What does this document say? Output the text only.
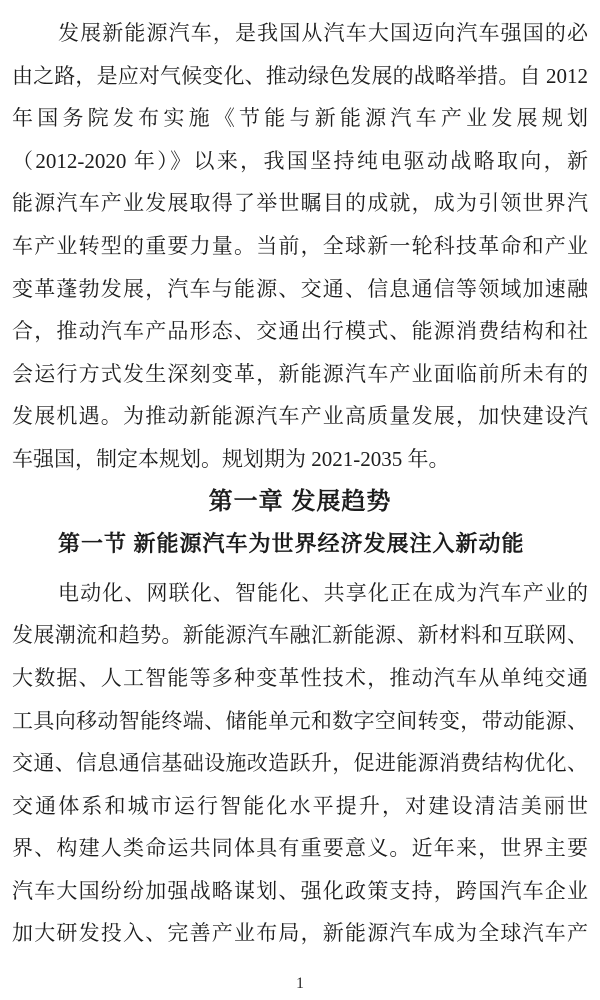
发展新能源汽车，是我国从汽车大国迈向汽车强国的必
由之路，是应对气候变化、推动绿色发展的战略举措。自 2012
年国务院发布实施《节能与新能源汽车产业发展规划
（2012-2020 年）》以来，我国坚持纯电驱动战略取向，新
能源汽车产业发展取得了举世瞩目的成就，成为引领世界汽
车产业转型的重要力量。当前，全球新一轮科技革命和产业
变革蓬勃发展，汽车与能源、交通、信息通信等领域加速融
合，推动汽车产品形态、交通出行模式、能源消费结构和社
会运行方式发生深刻变革，新能源汽车产业面临前所未有的
发展机遇。为推动新能源汽车产业高质量发展，加快建设汽
车强国，制定本规划。规划期为 2021-2035 年。
第一章 发展趋势
第一节 新能源汽车为世界经济发展注入新动能
电动化、网联化、智能化、共享化正在成为汽车产业的
发展潮流和趋势。新能源汽车融汇新能源、新材料和互联网、
大数据、人工智能等多种变革性技术，推动汽车从单纯交通
工具向移动智能终端、储能单元和数字空间转变，带动能源、
交通、信息通信基础设施改造跃升，促进能源消费结构优化、
交通体系和城市运行智能化水平提升，对建设清洁美丽世
界、构建人类命运共同体具有重要意义。近年来，世界主要
汽车大国纷纷加强战略谋划、强化政策支持，跨国汽车企业
加大研发投入、完善产业布局，新能源汽车成为全球汽车产
1
